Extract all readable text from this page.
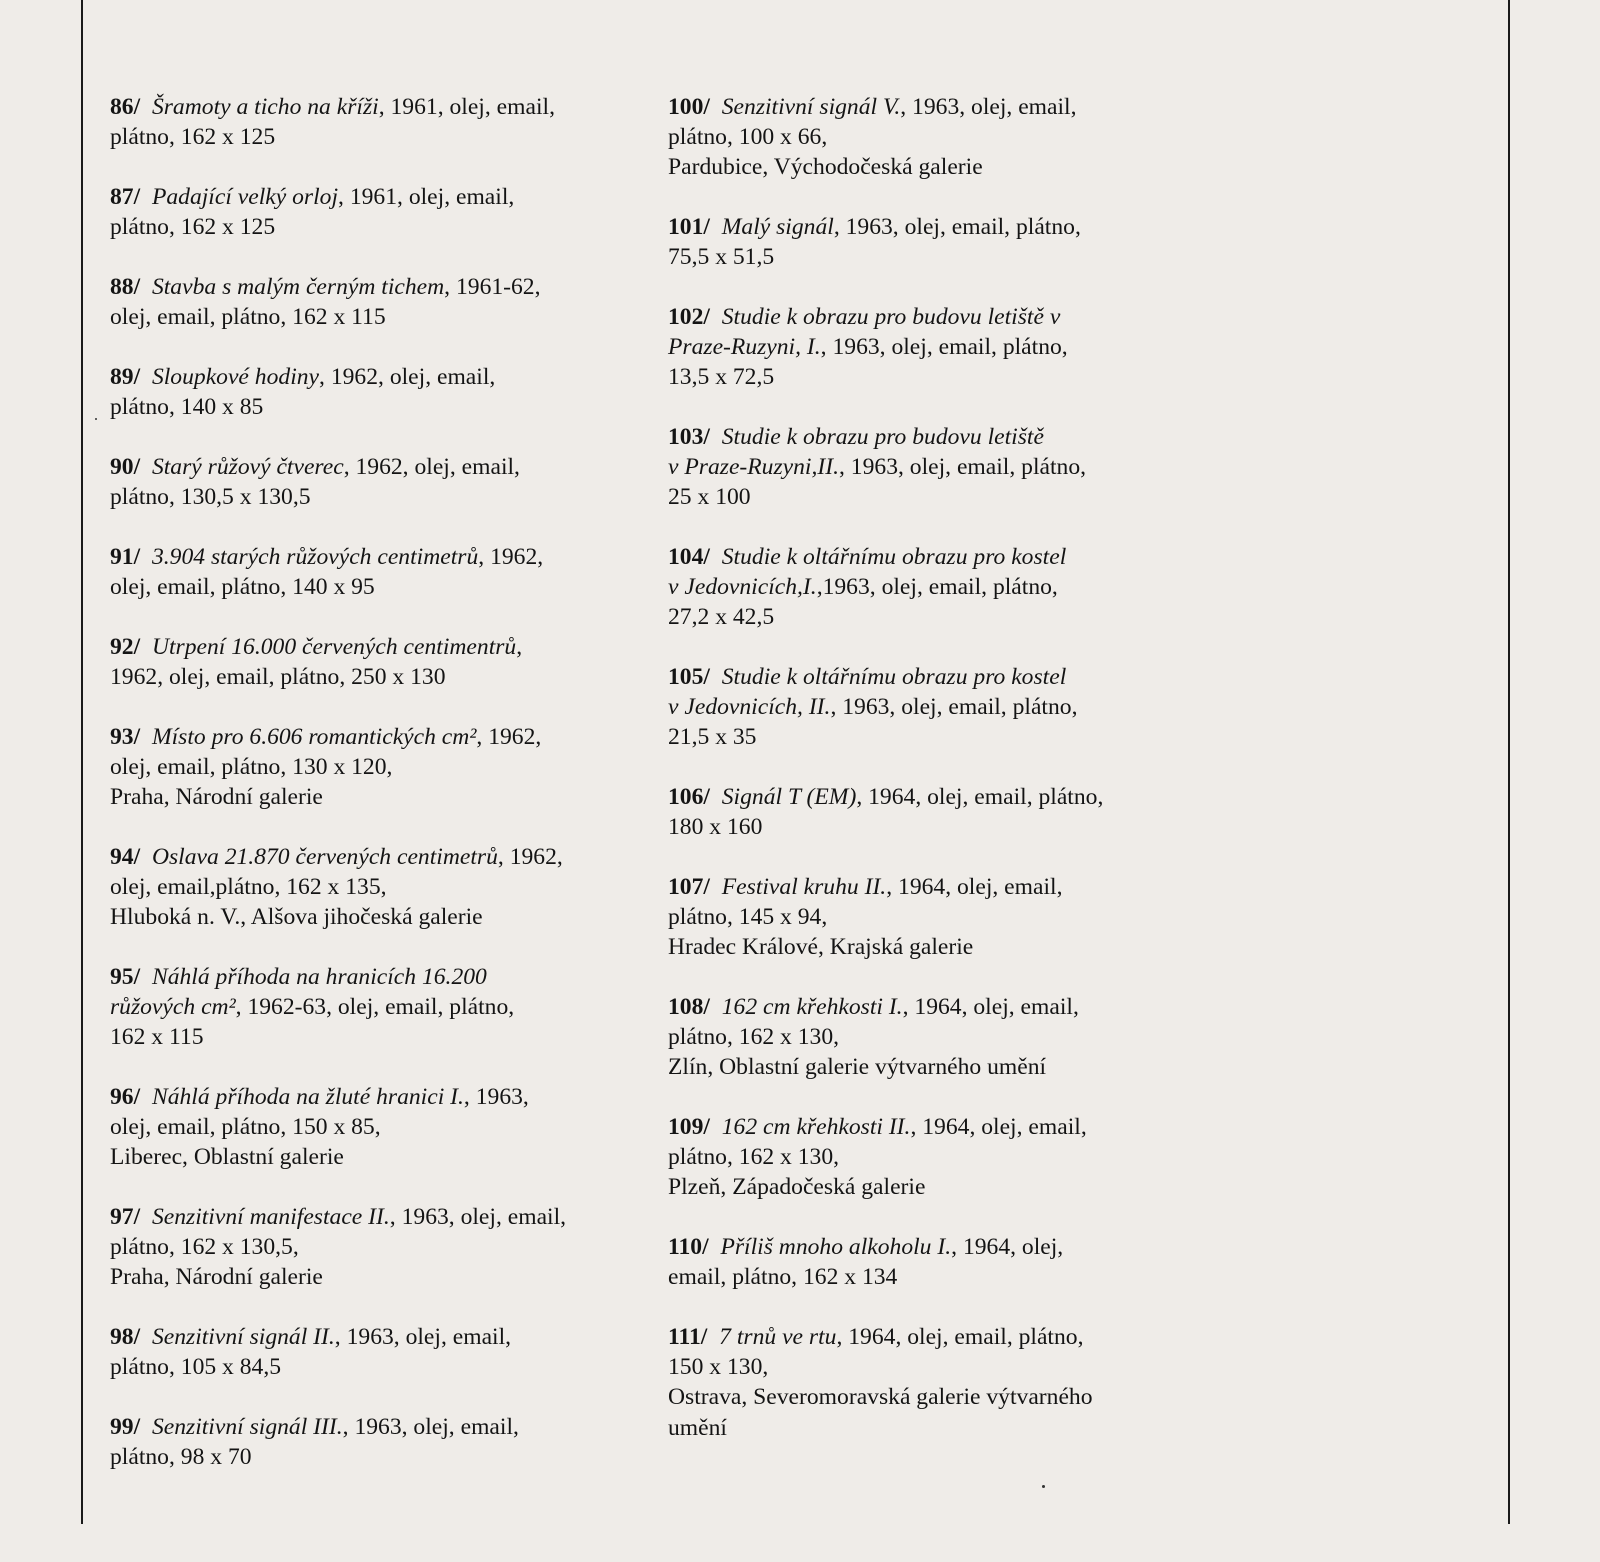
86/ Šramoty a ticho na kříži, 1961, olej, email,
plátno, 162 x 125
87/ Padající velký orloj, 1961, olej, email,
plátno, 162 x 125
88/ Stavba s malým černým tichem, 1961-62,
olej, email, plátno, 162 x 115
89/ Sloupkové hodiny, 1962, olej, email,
plátno, 140 x 85
90/ Starý růžový čtverec, 1962, olej, email,
plátno, 130,5 x 130,5
91/ 3.904 starých růžových centimetrů, 1962,
olej, email, plátno, 140 x 95
92/ Utrpení 16.000 červených centimentrů,
1962, olej, email, plátno, 250 x 130
93/ Místo pro 6.606 romantických cm², 1962,
olej, email, plátno, 130 x 120,
Praha, Národní galerie
94/ Oslava 21.870 červených centimetrů, 1962,
olej, email,plátno, 162 x 135,
Hluboká n. V., Alšova jihočeská galerie
95/ Náhlá příhoda na hranicích 16.200
růžových cm², 1962-63, olej, email, plátno,
162 x 115
96/ Náhlá příhoda na žluté hranici I., 1963,
olej, email, plátno, 150 x 85,
Liberec, Oblastní galerie
97/ Senzitivní manifestace II., 1963, olej, email,
plátno, 162 x 130,5,
Praha, Národní galerie
98/ Senzitivní signál II., 1963, olej, email,
plátno, 105 x 84,5
99/ Senzitivní signál III., 1963, olej, email,
plátno, 98 x 70
100/ Senzitivní signál V., 1963, olej, email,
plátno, 100 x 66,
Pardubice, Východočeská galerie
101/ Malý signál, 1963, olej, email, plátno,
75,5 x 51,5
102/ Studie k obrazu pro budovu letiště v
Praze-Ruzyni, I., 1963, olej, email, plátno,
13,5 x 72,5
103/ Studie k obrazu pro budovu letiště
v Praze-Ruzyni,II., 1963, olej, email, plátno,
25 x 100
104/ Studie k oltářnímu obrazu pro kostel
v Jedovnicích,I.,1963, olej, email, plátno,
27,2 x 42,5
105/ Studie k oltářnímu obrazu pro kostel
v Jedovnicích, II., 1963, olej, email, plátno,
21,5 x 35
106/ Signál T (EM), 1964, olej, email, plátno,
180 x 160
107/ Festival kruhu II., 1964, olej, email,
plátno, 145 x 94,
Hradec Králové, Krajská galerie
108/ 162 cm křehkosti I., 1964, olej, email,
plátno, 162 x 130,
Zlín, Oblastní galerie výtvarného umění
109/ 162 cm křehkosti II., 1964, olej, email,
plátno, 162 x 130,
Plzeň, Západočeská galerie
110/ Příliš mnoho alkoholu I., 1964, olej,
email, plátno, 162 x 134
111/ 7 trnů ve rtu, 1964, olej, email, plátno,
150 x 130,
Ostrava, Severomoravská galerie výtvarného
umění
